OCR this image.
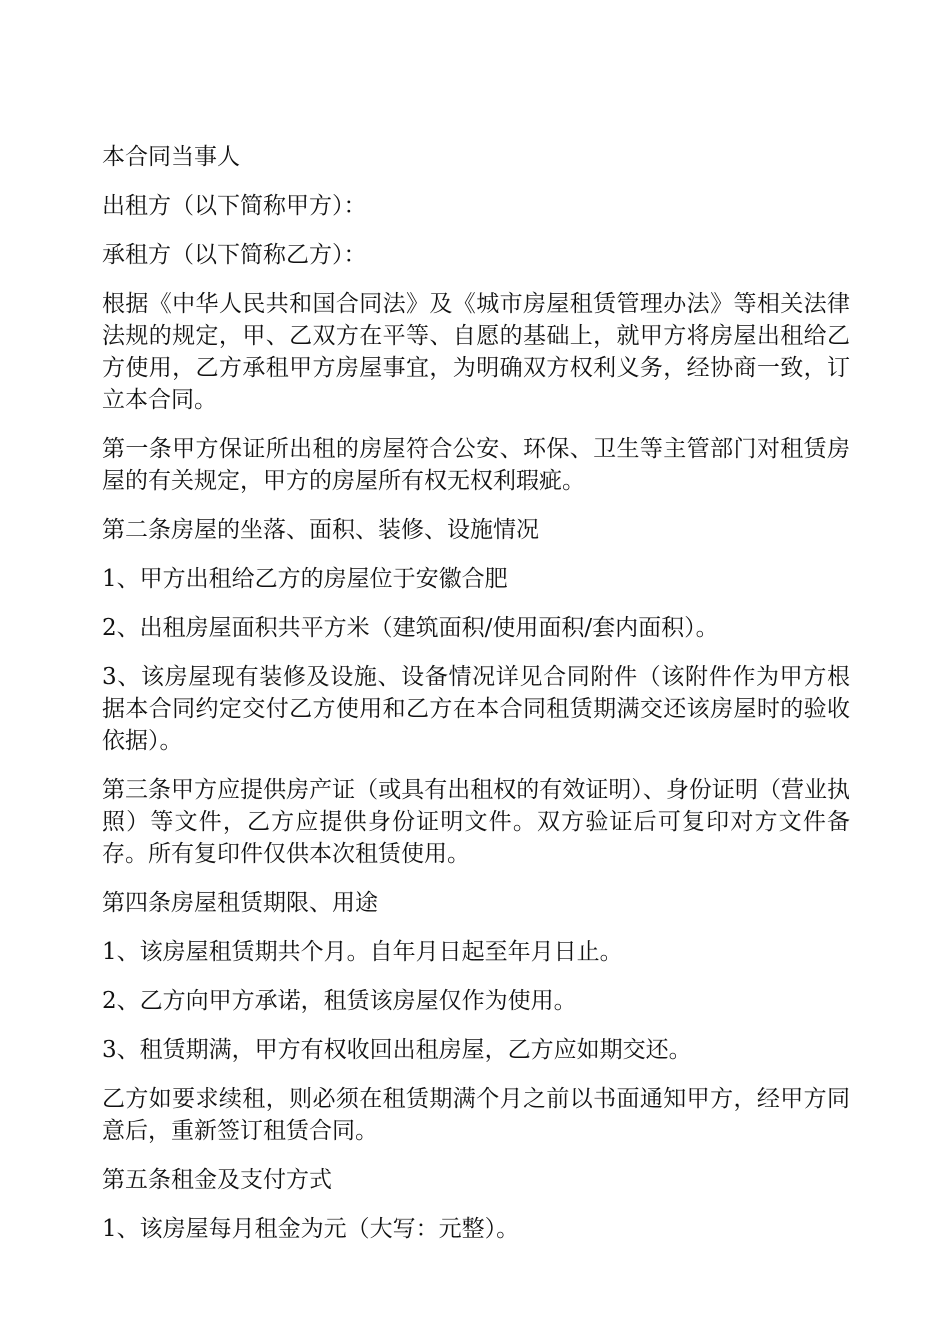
本合同当事人

出租方（以下简称甲方）：

承租方（以下简称乙方）：

根据《中华人民共和国合同法》及《城市房屋租赁管理办法》等相关法律法规的规定，甲、乙双方在平等、自愿的基础上，就甲方将房屋出租给乙方使用，乙方承租甲方房屋事宜，为明确双方权利义务，经协商一致，订立本合同。

第一条甲方保证所出租的房屋符合公安、环保、卫生等主管部门对租赁房屋的有关规定，甲方的房屋所有权无权利瑕疵。

第二条房屋的坐落、面积、装修、设施情况

1、甲方出租给乙方的房屋位于安徽合肥

2、出租房屋面积共平方米（建筑面积/使用面积/套内面积）。

3、该房屋现有装修及设施、设备情况详见合同附件（该附件作为甲方根据本合同约定交付乙方使用和乙方在本合同租赁期满交还该房屋时的验收依据）。

第三条甲方应提供房产证（或具有出租权的有效证明）、身份证明（营业执照）等文件，乙方应提供身份证明文件。双方验证后可复印对方文件备存。所有复印件仅供本次租赁使用。

第四条房屋租赁期限、用途

1、该房屋租赁期共个月。自年月日起至年月日止。

2、乙方向甲方承诺，租赁该房屋仅作为使用。

3、租赁期满，甲方有权收回出租房屋，乙方应如期交还。

乙方如要求续租，则必须在租赁期满个月之前以书面通知甲方，经甲方同意后，重新签订租赁合同。

第五条租金及支付方式

1、该房屋每月租金为元（大写：元整）。
